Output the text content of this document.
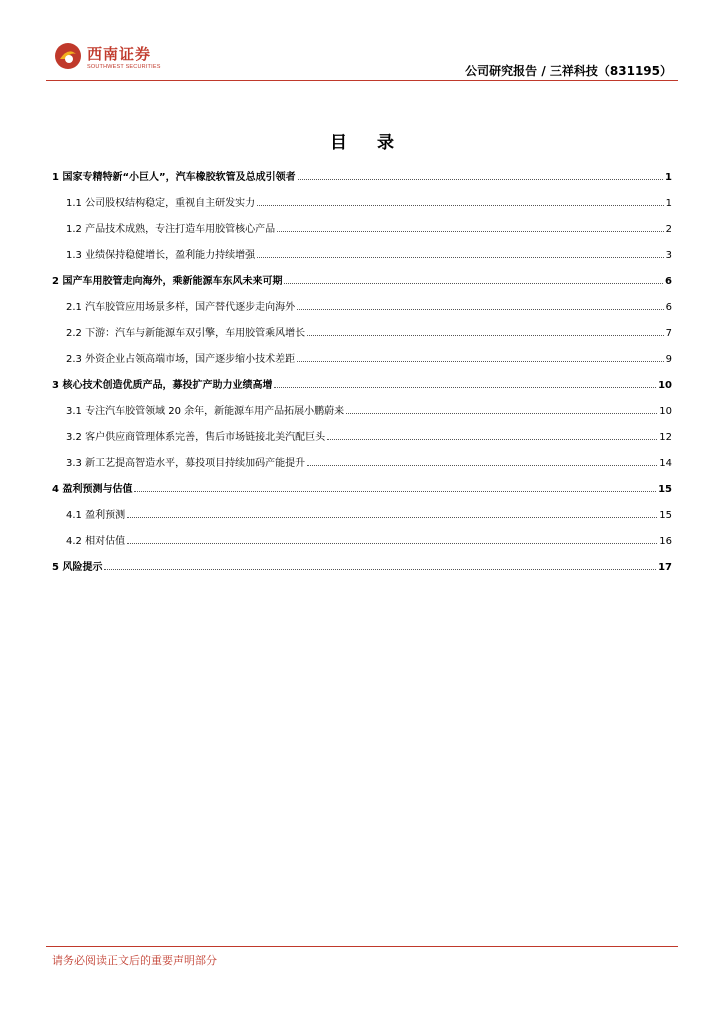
西南证券
SOUTHWEST SECURITIES	公司研究报告 / 三祥科技（831195）
目 录
1 国家专精特新“小巨人”，汽车橡胶软管及总成引领者	1
1.1 公司股权结构稳定，重视自主研发实力	1
1.2 产品技术成熟，专注打造车用胶管核心产品	2
1.3 业绩保持稳健增长，盈利能力持续增强	3
2 国产车用胶管走向海外，乘新能源车东风未来可期	6
2.1 汽车胶管应用场景多样，国产替代逐步走向海外	6
2.2 下游：汽车与新能源车双引擎，车用胶管乘风增长	7
2.3 外资企业占领高端市场，国产逐步缩小技术差距	9
3 核心技术创造优质产品，募投扩产助力业绩高增	10
3.1 专注汽车胶管领域 20 余年，新能源车用产品拓展小鹏蔚来	10
3.2 客户供应商管理体系完善，售后市场链接北美汽配巨头	12
3.3 新工艺提高智造水平，募投项目持续加码产能提升	14
4 盈利预测与估值	15
4.1 盈利预测	15
4.2 相对估值	16
5 风险提示	17
请务必阅读正文后的重要声明部分
